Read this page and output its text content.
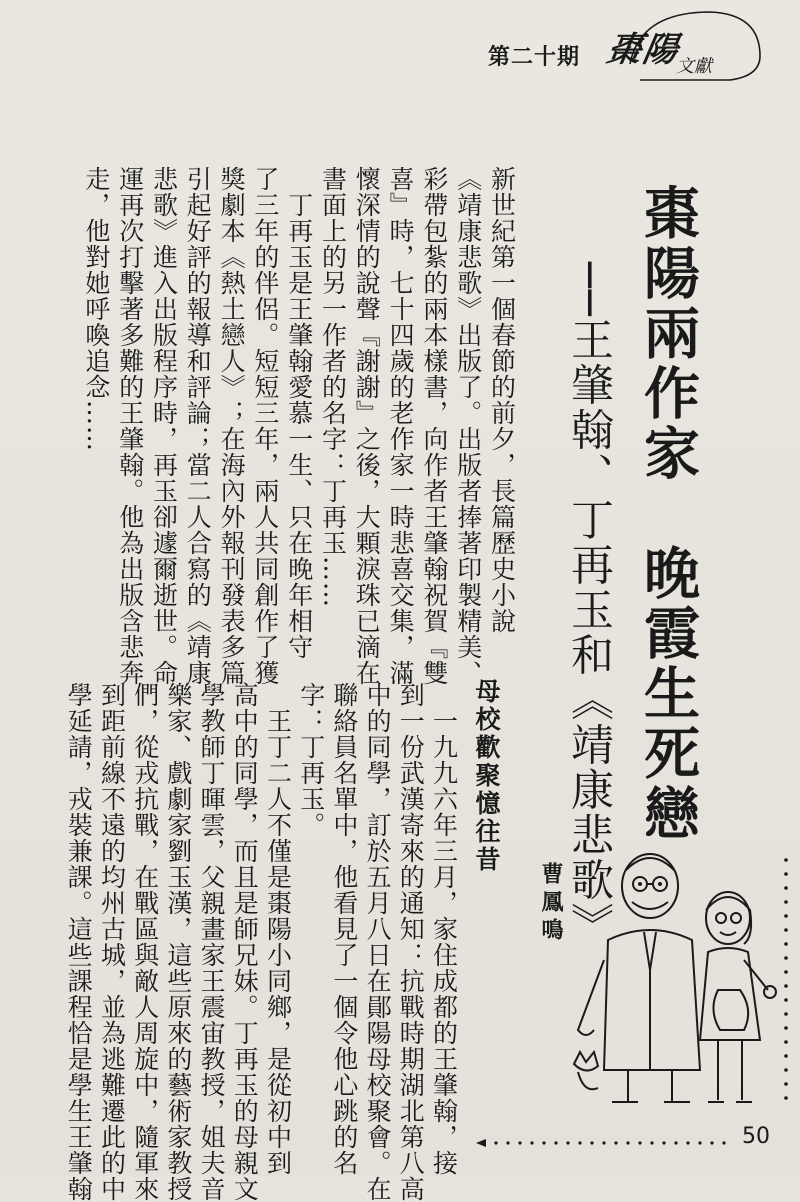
第二十期 棗陽
文獻
棗陽兩作家　晚霞生死戀
──王肇翰、丁再玉和《靖康悲歌》
新世紀第一個春節的前夕，長篇歷史小說
《靖康悲歌》出版了。出版者捧著印製精美、
彩帶包紮的兩本樣書，向作者王肇翰祝賀『雙
喜』時，七十四歲的老作家一時悲喜交集，滿
懷深情的說聲『謝謝』之後，大顆淚珠已滴在
書面上的另一作者的名字：丁再玉……
　丁再玉是王肇翰愛慕一生、只在晚年相守
了三年的伴侶。短短三年，兩人共同創作了獲
獎劇本《熱土戀人》；在海內外報刊發表多篇
引起好評的報導和評論；當二人合寫的《靖康
悲歌》進入出版程序時，再玉卻遽爾逝世。命
運再次打擊著多難的王肇翰。他為出版含悲奔
走，他對她呼喚追念……
母校歡聚憶往昔
　一九九六年三月，家住成都的王肇翰，接
到一份武漢寄來的通知：抗戰時期湖北第八高
中的同學，訂於五月八日在鄖陽母校聚會。在
聯絡員名單中，他看見了一個令他心跳的名
字：丁再玉。
　王丁二人不僅是棗陽小同鄉，是從初中到
高中的同學，而且是師兄妹。丁再玉的母親文
學教師丁暉雲，父親畫家王震宙教授，姐夫音
樂家、戲劇家劉玉漢，這些原來的藝術家教授
們，從戎抗戰，在戰區與敵人周旋中，隨軍來
到距前線不遠的均州古城，並為逃難遷此的中
學延請，戎裝兼課。這些課程恰是學生王肇翰	曹鳳鳴
50
